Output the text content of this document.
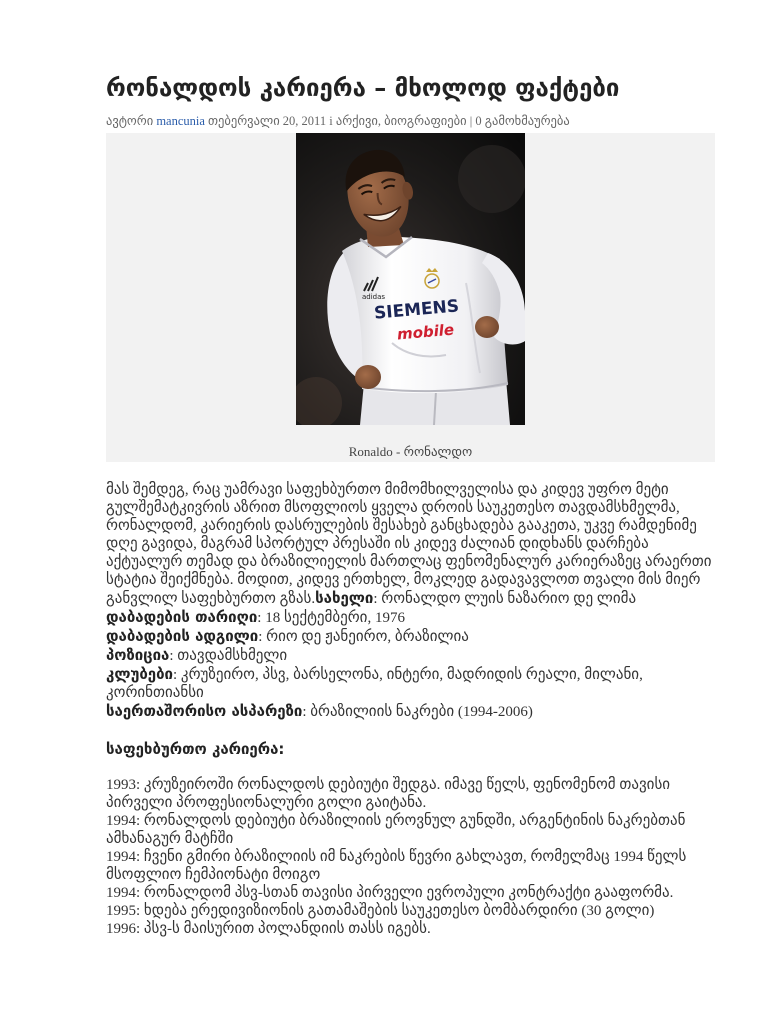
რონალდოს კარიერა – მხოლოდ ფაქტები
ავტორი mancunia თებერვალი 20, 2011 i არქივი, ბიოგრაფიები | 0 გამოხმაურება
adidas
SIEMENS
mobile
Ronaldo - რონალდო

მას შემდეგ, რაც უამრავი საფეხბურთო მიმომხილველისა და კიდევ უფრო მეტი გულშემატკივრის აზრით მსოფლიოს ყველა დროის საუკეთესო თავდამსხმელმა, რონალდომ, კარიერის დასრულების შესახებ განცხადება გააკეთა, უკვე რამდენიმე დღე გავიდა, მაგრამ სპორტულ პრესაში ის კიდევ ძალიან დიდხანს დარჩება აქტუალურ თემად და ბრაზილიელის მართლაც ფენომენალურ კარიერაზეც არაერთი სტატია შეიქმნება. მოდით, კიდევ ერთხელ, მოკლედ გადავავლოთ თვალი მის მიერ განვლილ საფეხბურთო გზას.სახელი: რონალდო ლუის ნაზარიო დე ლიმა
დაბადების თარიღი: 18 სექტემბერი, 1976
დაბადების ადგილი: რიო დე ჟანეირო, ბრაზილია
პოზიცია: თავდამსხმელი
კლუბები: კრუზეირო, პსვ, ბარსელონა, ინტერი, მადრიდის რეალი, მილანი, კორინთიანსი
საერთაშორისო ასპარეზი: ბრაზილიის ნაკრები (1994-2006)

საფეხბურთო კარიერა:

1993: კრუზეიროში რონალდოს დებიუტი შედგა. იმავე წელს, ფენომენომ თავისი პირველი პროფესიონალური გოლი გაიტანა.
1994: რონალდოს დებიუტი ბრაზილიის ეროვნულ გუნდში, არგენტინის ნაკრებთან ამხანაგურ მატჩში
1994: ჩვენი გმირი ბრაზილიის იმ ნაკრების წევრი გახლავთ, რომელმაც 1994 წელს მსოფლიო ჩემპიონატი მოიგო
1994: რონალდომ პსვ-სთან თავისი პირველი ევროპული კონტრაქტი გააფორმა.
1995: ხდება ერედივიზიონის გათამაშების საუკეთესო ბომბარდირი (30 გოლი)
1996: პსვ-ს მაისურით პოლანდიის თასს იგებს.
